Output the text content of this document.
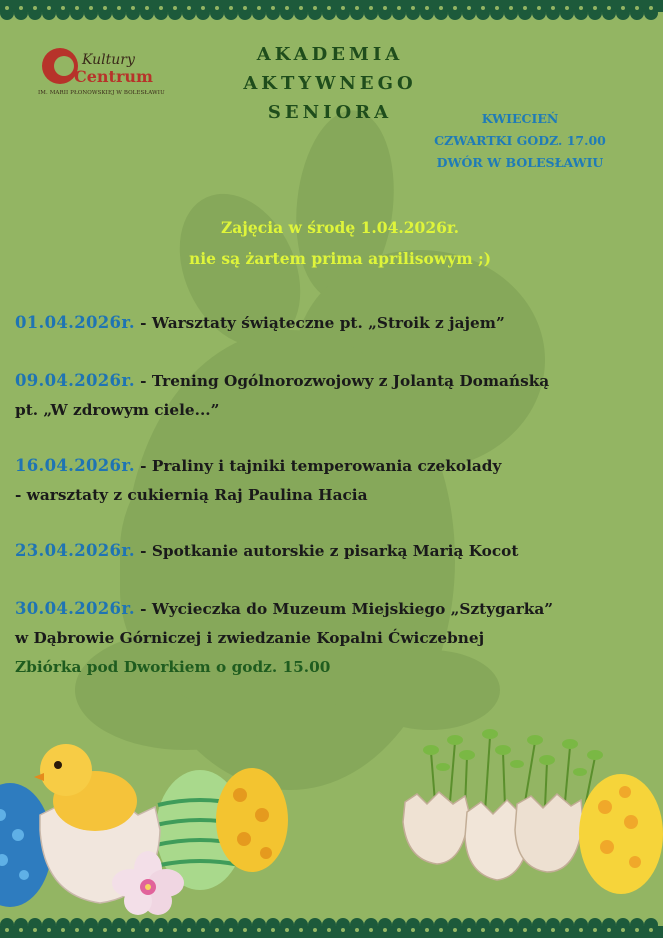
Kultury
Centrum
IM. MARII PŁONOWSKIEJ W BOLESŁAWIU
AKADEMIA
AKTYWNEGO
SENIORA	KWIECIEŃ
CZWARTKI GODZ. 17.00
DWÓR W BOLESŁAWIU
Zajęcia w środę 1.04.2026r.
nie są żartem prima aprilisowym ;)
01.04.2026r. - Warsztaty świąteczne pt. „Stroik z jajem”
09.04.2026r. - Trening Ogólnorozwojowy z Jolantą Domańską
pt. „W zdrowym ciele...”
16.04.2026r. - Praliny i tajniki temperowania czekolady
- warsztaty z cukiernią Raj Paulina Hacia
23.04.2026r. - Spotkanie autorskie z pisarką Marią Kocot
30.04.2026r. - Wycieczka do Muzeum Miejskiego „Sztygarka”
w Dąbrowie Górniczej i zwiedzanie Kopalni Ćwiczebnej
Zbiórka pod Dworkiem o godz. 15.00
